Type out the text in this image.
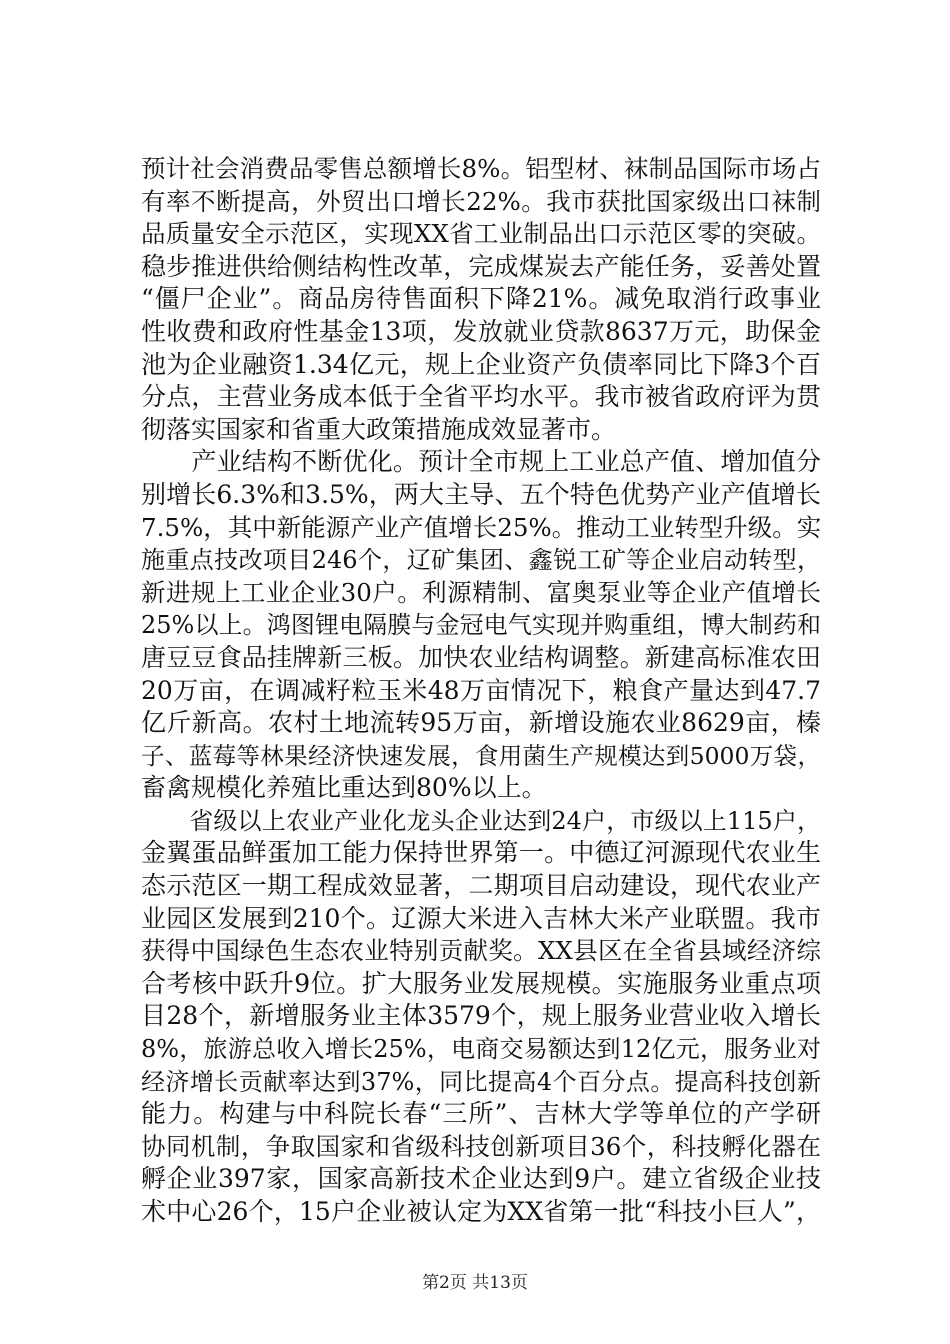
预计社会消费品零售总额增长8%。铝型材、袜制品国际市场占
有率不断提高，外贸出口增长22%。我市获批国家级出口袜制
品质量安全示范区，实现XX省工业制品出口示范区零的突破。
稳步推进供给侧结构性改革，完成煤炭去产能任务，妥善处置
“僵尸企业”。商品房待售面积下降21%。减免取消行政事业
性收费和政府性基金13项，发放就业贷款8637万元，助保金
池为企业融资1.34亿元，规上企业资产负债率同比下降3个百
分点，主营业务成本低于全省平均水平。我市被省政府评为贯
彻落实国家和省重大政策措施成效显著市。
　　产业结构不断优化。预计全市规上工业总产值、增加值分
别增长6.3%和3.5%，两大主导、五个特色优势产业产值增长
7.5%，其中新能源产业产值增长25%。推动工业转型升级。实
施重点技改项目246个，辽矿集团、鑫锐工矿等企业启动转型，
新进规上工业企业30户。利源精制、富奥泵业等企业产值增长
25%以上。鸿图锂电隔膜与金冠电气实现并购重组，博大制药和
唐豆豆食品挂牌新三板。加快农业结构调整。新建高标准农田
20万亩，在调减籽粒玉米48万亩情况下，粮食产量达到47.7
亿斤新高。农村土地流转95万亩，新增设施农业8629亩，榛
子、蓝莓等林果经济快速发展，食用菌生产规模达到5000万袋，
畜禽规模化养殖比重达到80%以上。
　　省级以上农业产业化龙头企业达到24户，市级以上115户，
金翼蛋品鲜蛋加工能力保持世界第一。中德辽河源现代农业生
态示范区一期工程成效显著，二期项目启动建设，现代农业产
业园区发展到210个。辽源大米进入吉林大米产业联盟。我市
获得中国绿色生态农业特别贡献奖。XX县区在全省县域经济综
合考核中跃升9位。扩大服务业发展规模。实施服务业重点项
目28个，新增服务业主体3579个，规上服务业营业收入增长
8%，旅游总收入增长25%，电商交易额达到12亿元，服务业对
经济增长贡献率达到37%，同比提高4个百分点。提高科技创新
能力。构建与中科院长春“三所”、吉林大学等单位的产学研
协同机制，争取国家和省级科技创新项目36个，科技孵化器在
孵企业397家，国家高新技术企业达到9户。建立省级企业技
术中心26个，15户企业被认定为XX省第一批“科技小巨人”，
第2页 共13页
